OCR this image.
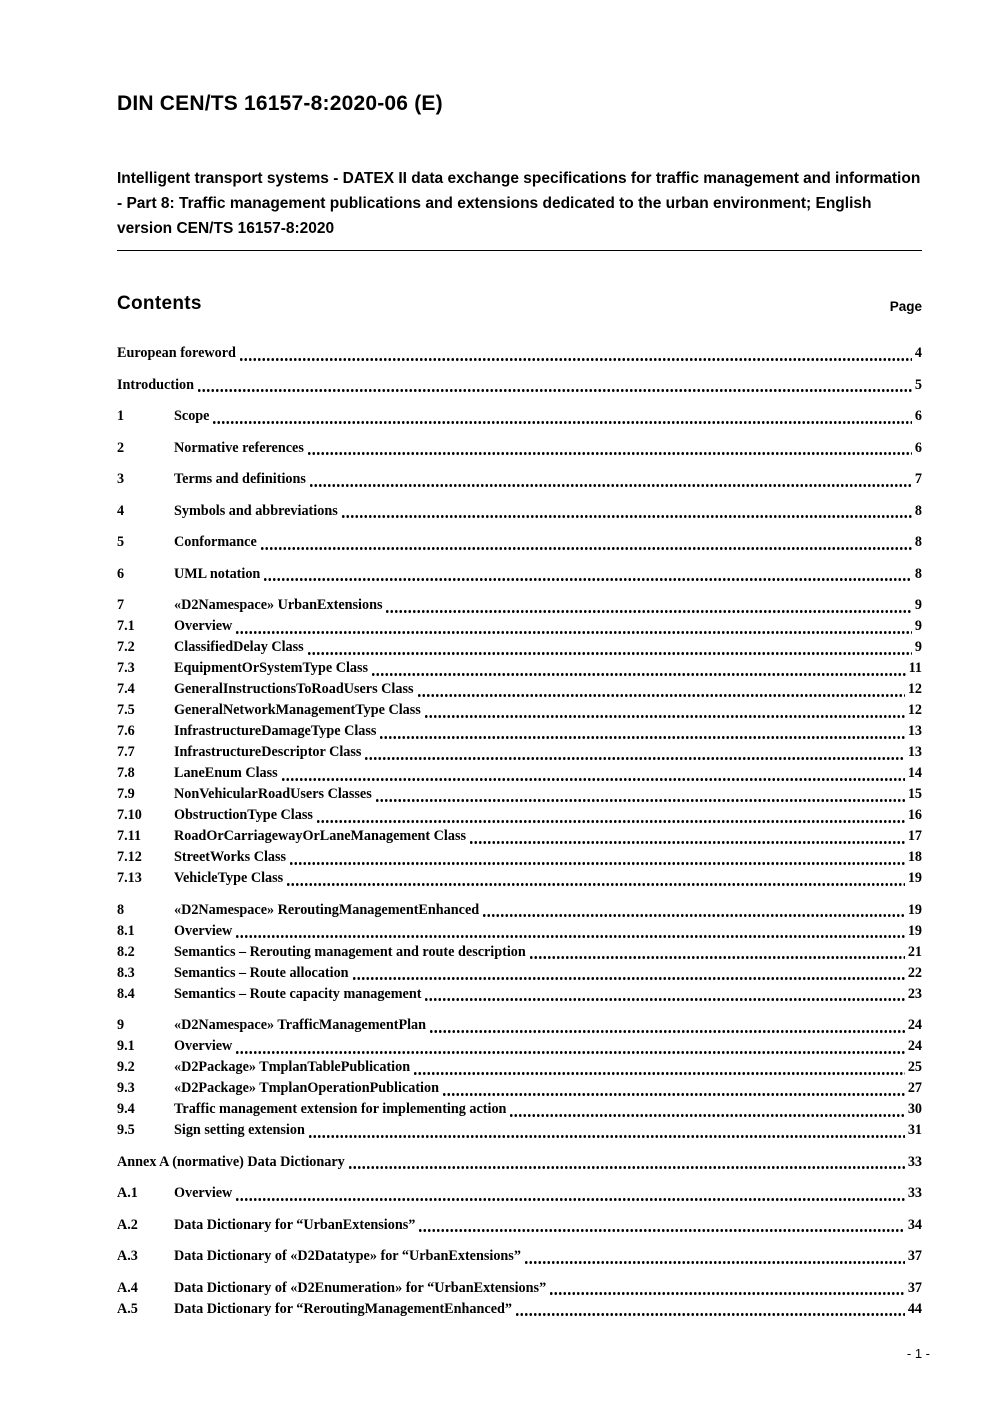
DIN CEN/TS 16157-8:2020-06 (E)

Intelligent transport systems - DATEX II data exchange specifications for traffic management and information - Part 8: Traffic management publications and extensions dedicated to the urban environment; English version CEN/TS 16157-8:2020

Contents	Page
European foreword	4
Introduction	5
1	Scope	6
2	Normative references	6
3	Terms and definitions	7
4	Symbols and abbreviations	8
5	Conformance	8
6	UML notation	8
7	«D2Namespace» UrbanExtensions	9
7.1	Overview	9
7.2	ClassifiedDelay Class	9
7.3	EquipmentOrSystemType Class	11
7.4	GeneralInstructionsToRoadUsers Class	12
7.5	GeneralNetworkManagementType Class	12
7.6	InfrastructureDamageType Class	13
7.7	InfrastructureDescriptor Class	13
7.8	LaneEnum Class	14
7.9	NonVehicularRoadUsers Classes	15
7.10	ObstructionType Class	16
7.11	RoadOrCarriagewayOrLaneManagement Class	17
7.12	StreetWorks Class	18
7.13	VehicleType Class	19
8	«D2Namespace» ReroutingManagementEnhanced	19
8.1	Overview	19
8.2	Semantics – Rerouting management and route description	21
8.3	Semantics – Route allocation	22
8.4	Semantics – Route capacity management	23
9	«D2Namespace» TrafficManagementPlan	24
9.1	Overview	24
9.2	«D2Package» TmplanTablePublication	25
9.3	«D2Package» TmplanOperationPublication	27
9.4	Traffic management extension for implementing action	30
9.5	Sign setting extension	31
Annex A (normative) Data Dictionary	33
A.1	Overview	33
A.2	Data Dictionary for “UrbanExtensions”	34
A.3	Data Dictionary of «D2Datatype» for “UrbanExtensions”	37
A.4	Data Dictionary of «D2Enumeration» for “UrbanExtensions”	37
A.5	Data Dictionary for “ReroutingManagementEnhanced”	44
- 1 -
